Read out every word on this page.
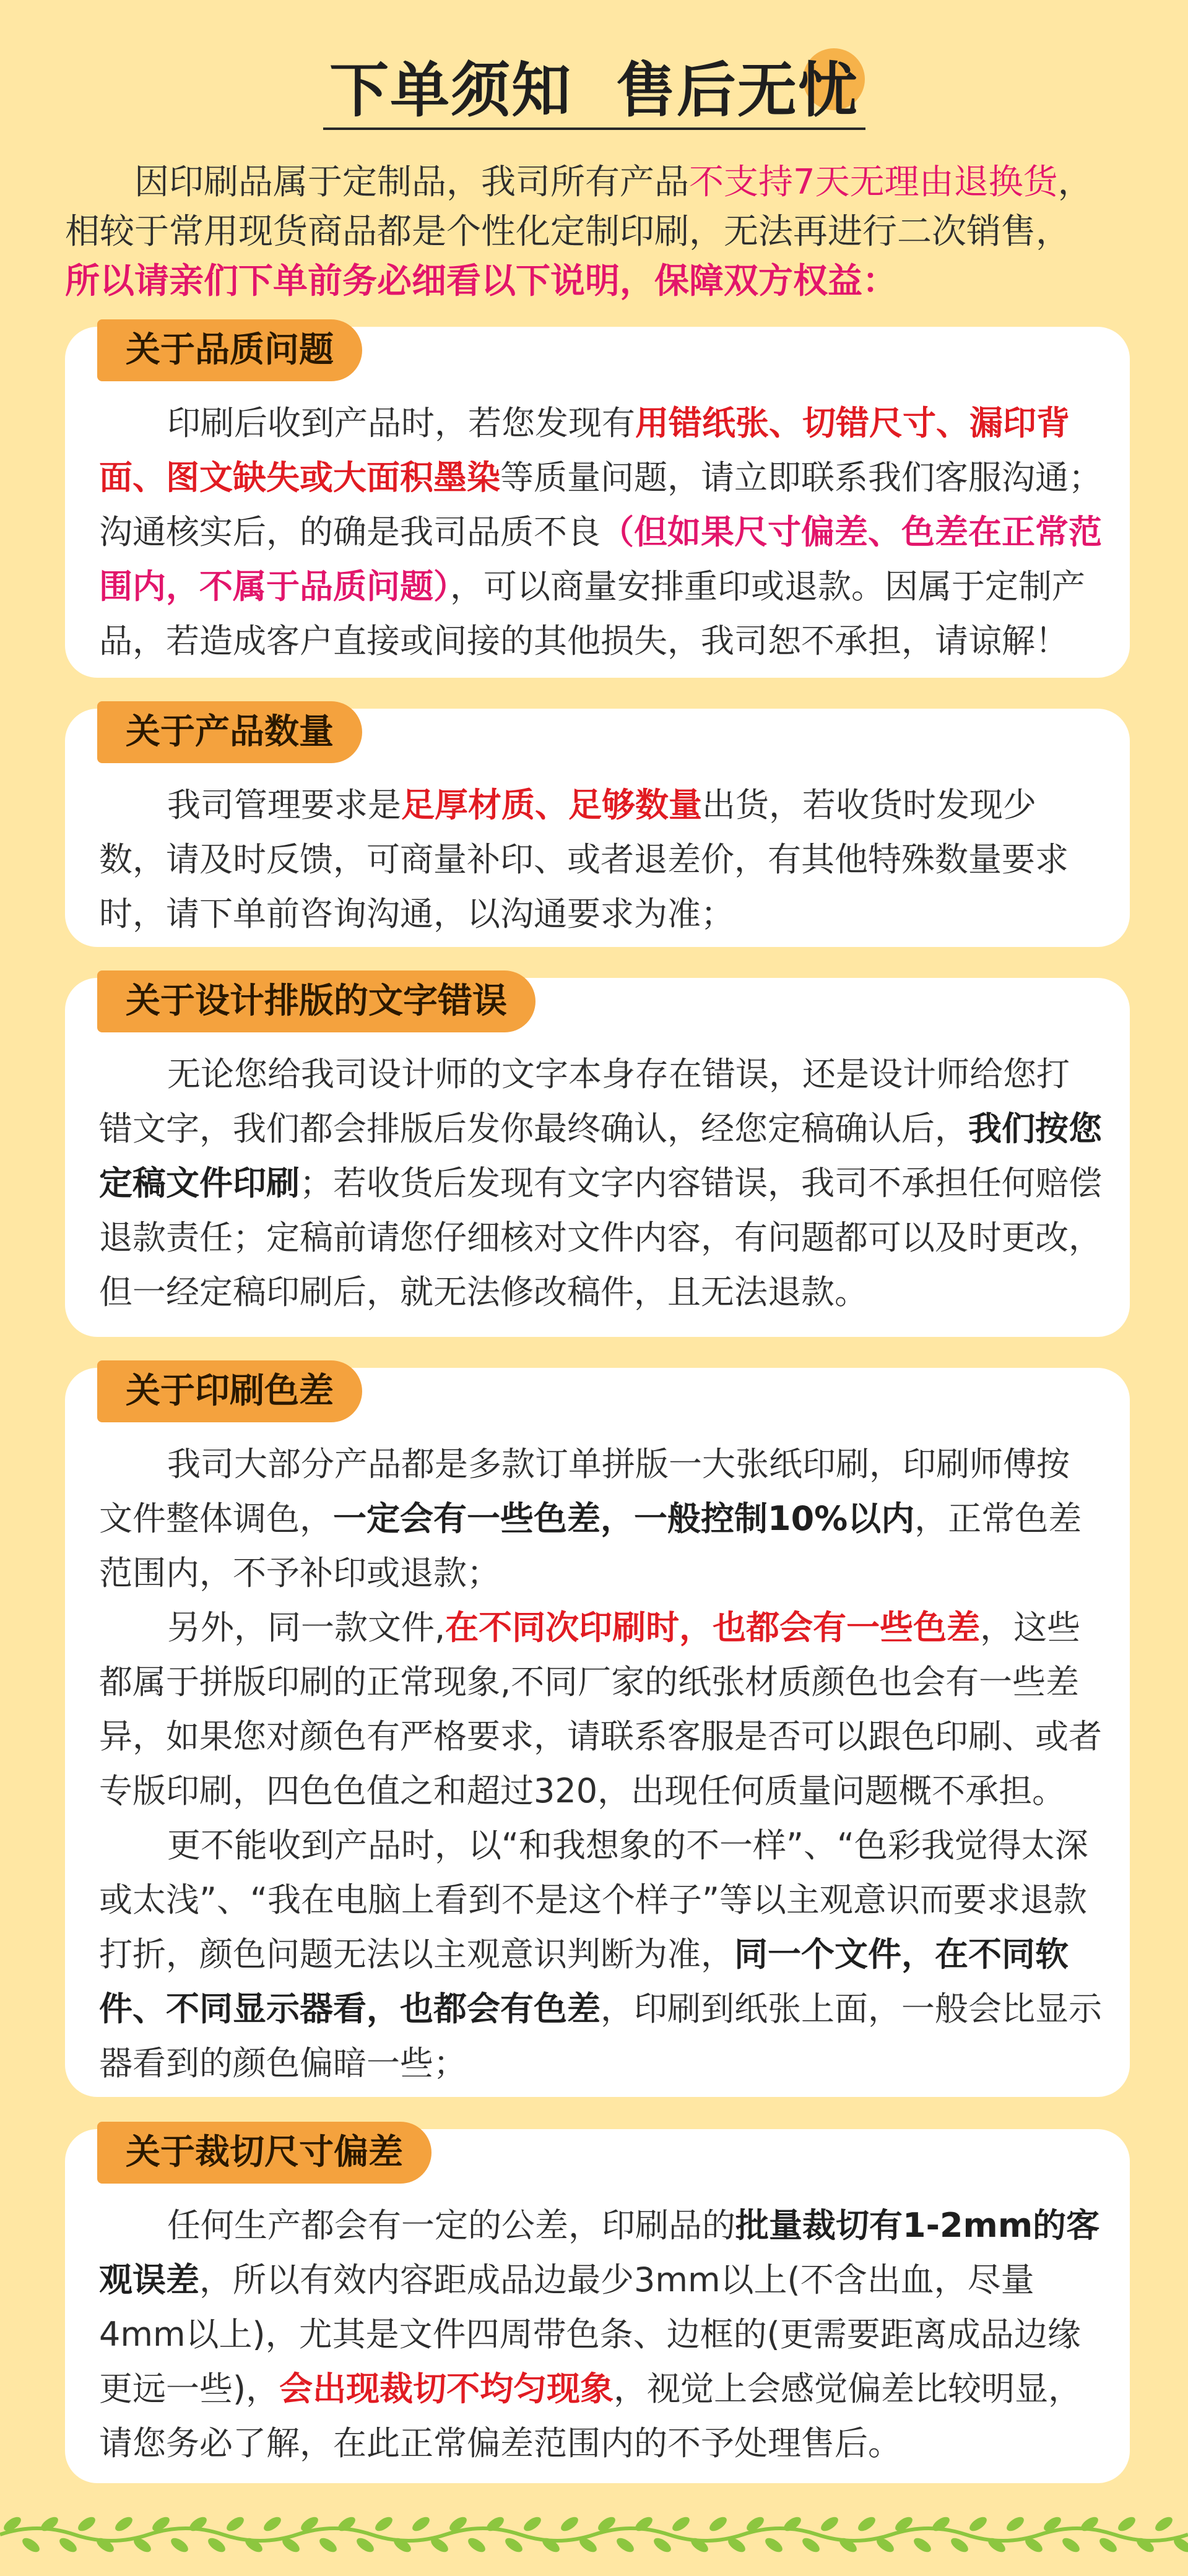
下单须知  售后无忧

因印刷品属于定制品，我司所有产品不支持7天无理由退换货，

相较于常用现货商品都是个性化定制印刷，无法再进行二次销售，

所以请亲们下单前务必细看以下说明，保障双方权益：

关于品质问题

印刷后收到产品时，若您发现有用错纸张、切错尺寸、漏印背面、图文缺失或大面积墨染等质量问题，请立即联系我们客服沟通；沟通核实后，的确是我司品质不良（但如果尺寸偏差、色差在正常范围内，不属于品质问题），可以商量安排重印或退款。因属于定制产品，若造成客户直接或间接的其他损失，我司恕不承担，请谅解！

关于产品数量

我司管理要求是足厚材质、足够数量出货，若收货时发现少数，请及时反馈，可商量补印、或者退差价，有其他特殊数量要求时，请下单前咨询沟通，以沟通要求为准；

关于设计排版的文字错误

无论您给我司设计师的文字本身存在错误，还是设计师给您打错文字，我们都会排版后发你最终确认，经您定稿确认后，我们按您定稿文件印刷；若收货后发现有文字内容错误，我司不承担任何赔偿退款责任；定稿前请您仔细核对文件内容，有问题都可以及时更改，但一经定稿印刷后，就无法修改稿件，且无法退款。

关于印刷色差

我司大部分产品都是多款订单拼版一大张纸印刷，印刷师傅按文件整体调色，一定会有一些色差，一般控制10%以内，正常色差范围内，不予补印或退款；

另外，同一款文件,在不同次印刷时，也都会有一些色差，这些都属于拼版印刷的正常现象,不同厂家的纸张材质颜色也会有一些差异，如果您对颜色有严格要求，请联系客服是否可以跟色印刷、或者专版印刷，四色色值之和超过320，出现任何质量问题概不承担。

更不能收到产品时，以“和我想象的不一样”、“色彩我觉得太深或太浅”、“我在电脑上看到不是这个样子”等以主观意识而要求退款打折，颜色问题无法以主观意识判断为准，同一个文件，在不同软件、不同显示器看，也都会有色差，印刷到纸张上面，一般会比显示器看到的颜色偏暗一些；

关于裁切尺寸偏差

任何生产都会有一定的公差，印刷品的批量裁切有1-2mm的客观误差，所以有效内容距成品边最少3mm以上(不含出血，尽量4mm以上)，尤其是文件四周带色条、边框的(更需要距离成品边缘更远一些)，会出现裁切不均匀现象，视觉上会感觉偏差比较明显，请您务必了解，在此正常偏差范围内的不予处理售后。
